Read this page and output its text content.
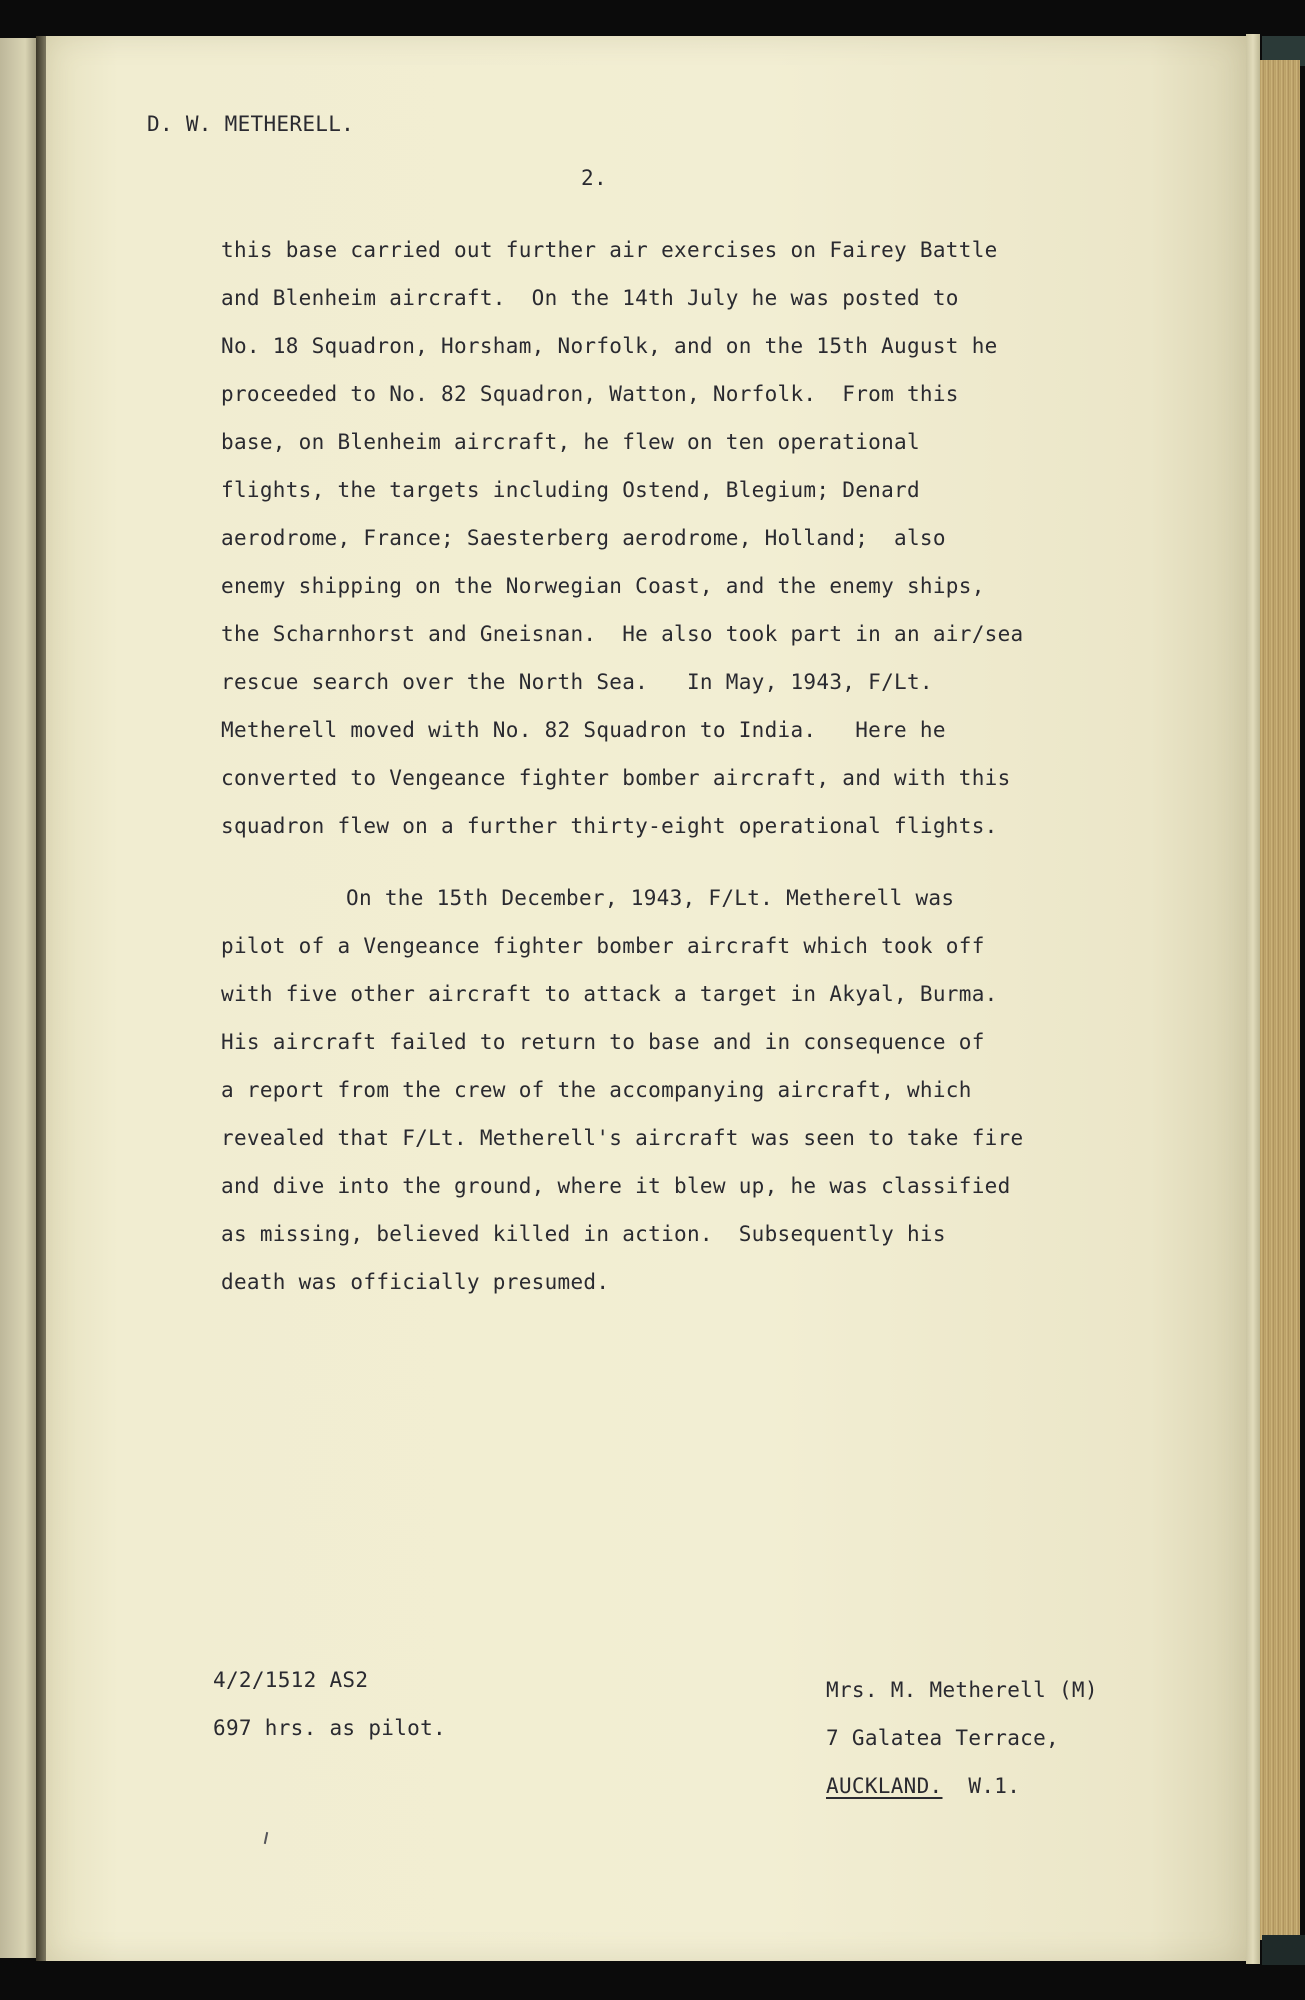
D. W. METHERELL.
2.
this base carried out further air exercises on Fairey Battle
and Blenheim aircraft.  On the 14th July he was posted to
No. 18 Squadron, Horsham, Norfolk, and on the 15th August he
proceeded to No. 82 Squadron, Watton, Norfolk.  From this
base, on Blenheim aircraft, he flew on ten operational
flights, the targets including Ostend, Blegium; Denard
aerodrome, France; Saesterberg aerodrome, Holland;  also
enemy shipping on the Norwegian Coast, and the enemy ships,
the Scharnhorst and Gneisnan.  He also took part in an air/sea
rescue search over the North Sea.   In May, 1943, F/Lt.
Metherell moved with No. 82 Squadron to India.   Here he
converted to Vengeance fighter bomber aircraft, and with this
squadron flew on a further thirty-eight operational flights.
On the 15th December, 1943, F/Lt. Metherell was
pilot of a Vengeance fighter bomber aircraft which took off
with five other aircraft to attack a target in Akyal, Burma.
His aircraft failed to return to base and in consequence of
a report from the crew of the accompanying aircraft, which
revealed that F/Lt. Metherell's aircraft was seen to take fire
and dive into the ground, where it blew up, he was classified
as missing, believed killed in action.  Subsequently his
death was officially presumed.
4/2/1512 AS2
697 hrs. as pilot.
Mrs. M. Metherell (M)
7 Galatea Terrace,
AUCKLAND. W.1.
